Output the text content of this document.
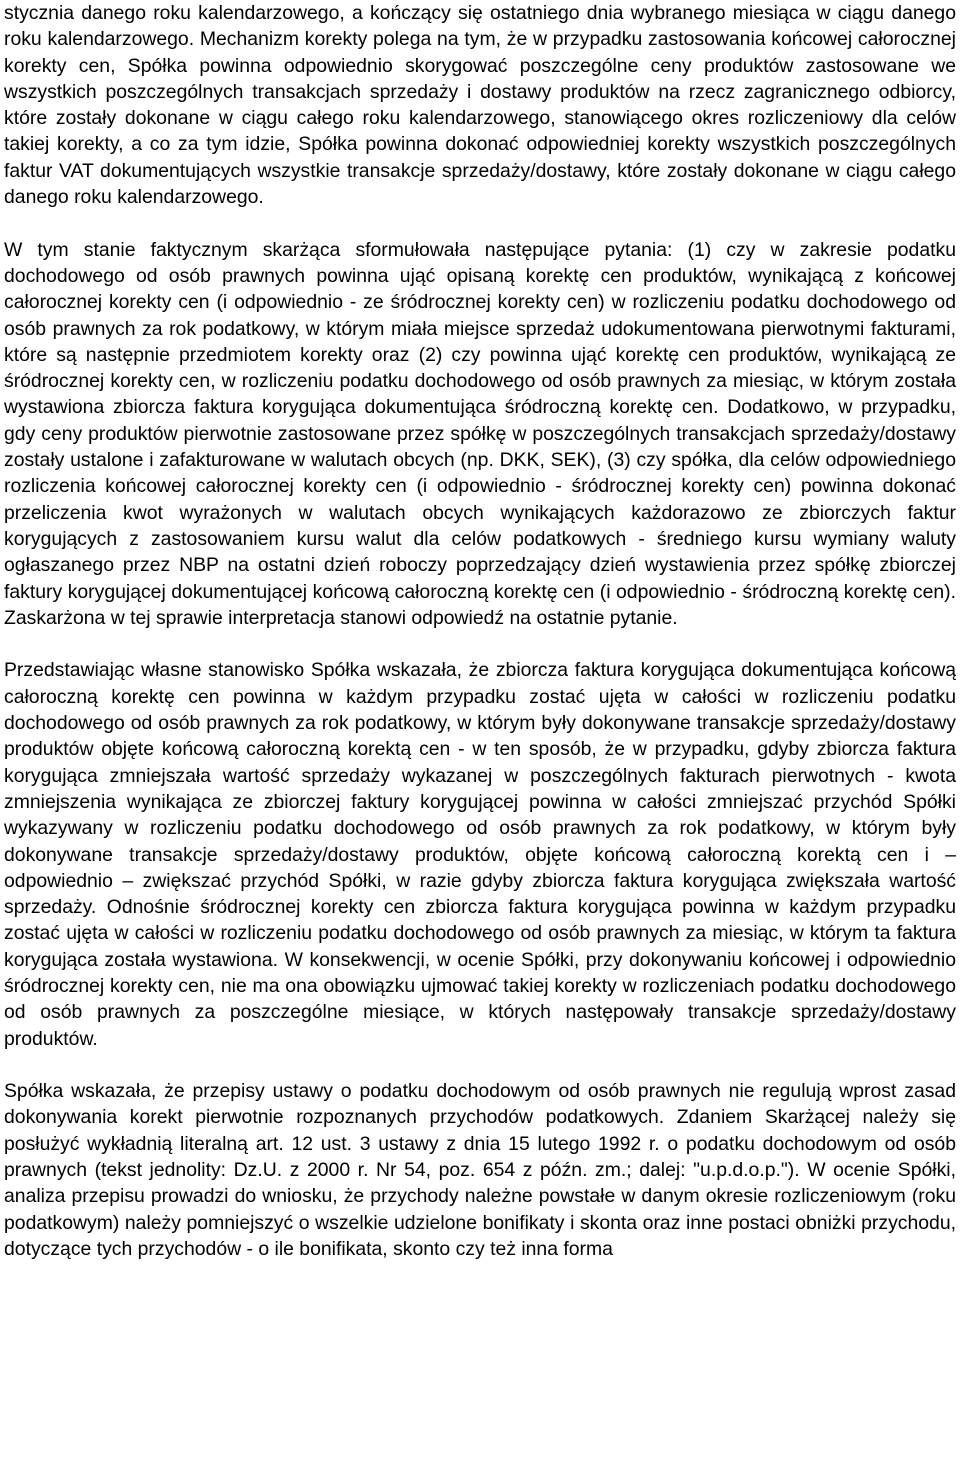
stycznia danego roku kalendarzowego, a kończący się ostatniego dnia wybranego miesiąca w ciągu danego roku kalendarzowego. Mechanizm korekty polega na tym, że w przypadku zastosowania końcowej całorocznej korekty cen, Spółka powinna odpowiednio skorygować poszczególne ceny produktów zastosowane we wszystkich poszczególnych transakcjach sprzedaży i dostawy produktów na rzecz zagranicznego odbiorcy, które zostały dokonane w ciągu całego roku kalendarzowego, stanowiącego okres rozliczeniowy dla celów takiej korekty, a co za tym idzie, Spółka powinna dokonać odpowiedniej korekty wszystkich poszczególnych faktur VAT dokumentujących wszystkie transakcje sprzedaży/dostawy, które zostały dokonane w ciągu całego danego roku kalendarzowego.

W tym stanie faktycznym skarżąca sformułowała następujące pytania: (1) czy w zakresie podatku dochodowego od osób prawnych powinna ująć opisaną korektę cen produktów, wynikającą z końcowej całorocznej korekty cen (i odpowiednio - ze śródrocznej korekty cen) w rozliczeniu podatku dochodowego od osób prawnych za rok podatkowy, w którym miała miejsce sprzedaż udokumentowana pierwotnymi fakturami, które są następnie przedmiotem korekty oraz (2) czy powinna ująć korektę cen produktów, wynikającą ze śródrocznej korekty cen, w rozliczeniu podatku dochodowego od osób prawnych za miesiąc, w którym została wystawiona zbiorcza faktura korygująca dokumentująca śródroczną korektę cen. Dodatkowo, w przypadku, gdy ceny produktów pierwotnie zastosowane przez spółkę w poszczególnych transakcjach sprzedaży/dostawy zostały ustalone i zafakturowane w walutach obcych (np. DKK, SEK), (3) czy spółka, dla celów odpowiedniego rozliczenia końcowej całorocznej korekty cen (i odpowiednio - śródrocznej korekty cen) powinna dokonać przeliczenia kwot wyrażonych w walutach obcych wynikających każdorazowo ze zbiorczych faktur korygujących z zastosowaniem kursu walut dla celów podatkowych - średniego kursu wymiany waluty ogłaszanego przez NBP na ostatni dzień roboczy poprzedzający dzień wystawienia przez spółkę zbiorczej faktury korygującej dokumentującej końcową całoroczną korektę cen (i odpowiednio - śródroczną korektę cen). Zaskarżona w tej sprawie interpretacja stanowi odpowiedź na ostatnie pytanie.

Przedstawiając własne stanowisko Spółka wskazała, że zbiorcza faktura korygująca dokumentująca końcową całoroczną korektę cen powinna w każdym przypadku zostać ujęta w całości w rozliczeniu podatku dochodowego od osób prawnych za rok podatkowy, w którym były dokonywane transakcje sprzedaży/dostawy produktów objęte końcową całoroczną korektą cen - w ten sposób, że w przypadku, gdyby zbiorcza faktura korygująca zmniejszała wartość sprzedaży wykazanej w poszczególnych fakturach pierwotnych - kwota zmniejszenia wynikająca ze zbiorczej faktury korygującej powinna w całości zmniejszać przychód Spółki wykazywany w rozliczeniu podatku dochodowego od osób prawnych za rok podatkowy, w którym były dokonywane transakcje sprzedaży/dostawy produktów, objęte końcową całoroczną korektą cen i – odpowiednio – zwiększać przychód Spółki, w razie gdyby zbiorcza faktura korygująca zwiększała wartość sprzedaży. Odnośnie śródrocznej korekty cen zbiorcza faktura korygująca powinna w każdym przypadku zostać ujęta w całości w rozliczeniu podatku dochodowego od osób prawnych za miesiąc, w którym ta faktura korygująca została wystawiona. W konsekwencji, w ocenie Spółki, przy dokonywaniu końcowej i odpowiednio śródrocznej korekty cen, nie ma ona obowiązku ujmować takiej korekty w rozliczeniach podatku dochodowego od osób prawnych za poszczególne miesiące, w których następowały transakcje sprzedaży/dostawy produktów.

Spółka wskazała, że przepisy ustawy o podatku dochodowym od osób prawnych nie regulują wprost zasad dokonywania korekt pierwotnie rozpoznanych przychodów podatkowych. Zdaniem Skarżącej należy się posłużyć wykładnią literalną art. 12 ust. 3 ustawy z dnia 15 lutego 1992 r. o podatku dochodowym od osób prawnych (tekst jednolity: Dz.U. z 2000 r. Nr 54, poz. 654 z późn. zm.; dalej: "u.p.d.o.p."). W ocenie Spółki, analiza przepisu prowadzi do wniosku, że przychody należne powstałe w danym okresie rozliczeniowym (roku podatkowym) należy pomniejszyć o wszelkie udzielone bonifikaty i skonta oraz inne postaci obniżki przychodu, dotyczące tych przychodów - o ile bonifikata, skonto czy też inna forma
